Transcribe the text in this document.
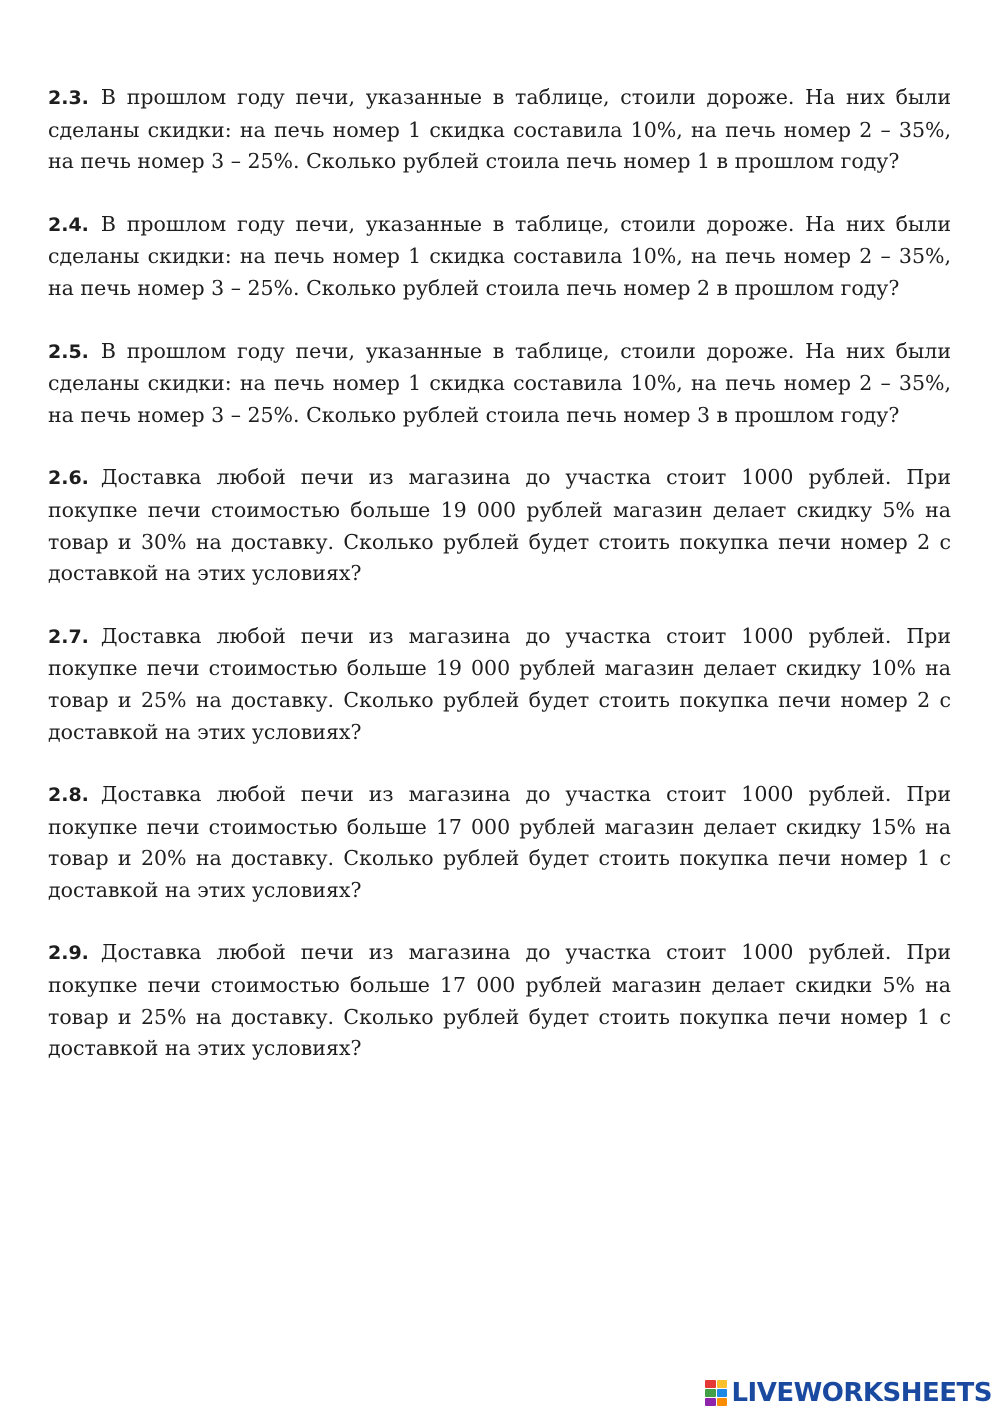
2.3. В прошлом году печи, указанные в таблице, стоили дороже. На них были сделаны скидки: на печь номер 1 скидка составила 10%, на печь номер 2 – 35%, на печь номер 3 – 25%. Сколько рублей стоила печь номер 1 в прошлом году?

2.4. В прошлом году печи, указанные в таблице, стоили дороже. На них были сделаны скидки: на печь номер 1 скидка составила 10%, на печь номер 2 – 35%, на печь номер 3 – 25%. Сколько рублей стоила печь номер 2 в прошлом году?

2.5. В прошлом году печи, указанные в таблице, стоили дороже. На них были сделаны скидки: на печь номер 1 скидка составила 10%, на печь номер 2 – 35%, на печь номер 3 – 25%. Сколько рублей стоила печь номер 3 в прошлом году?

2.6. Доставка любой печи из магазина до участка стоит 1000 рублей. При покупке печи стоимостью больше 19 000 рублей магазин делает скидку 5% на товар и 30% на доставку. Сколько рублей будет стоить покупка печи номер 2 с доставкой на этих условиях?

2.7. Доставка любой печи из магазина до участка стоит 1000 рублей. При покупке печи стоимостью больше 19 000 рублей магазин делает скидку 10% на товар и 25% на доставку. Сколько рублей будет стоить покупка печи номер 2 с доставкой на этих условиях?

2.8. Доставка любой печи из магазина до участка стоит 1000 рублей. При покупке печи стоимостью больше 17 000 рублей магазин делает скидку 15% на товар и 20% на доставку. Сколько рублей будет стоить покупка печи номер 1 с доставкой на этих условиях?

2.9. Доставка любой печи из магазина до участка стоит 1000 рублей. При покупке печи стоимостью больше 17 000 рублей магазин делает скидки 5% на товар и 25% на доставку. Сколько рублей будет стоить покупка печи номер 1 с доставкой на этих условиях?

LIVEWORKSHEETS
